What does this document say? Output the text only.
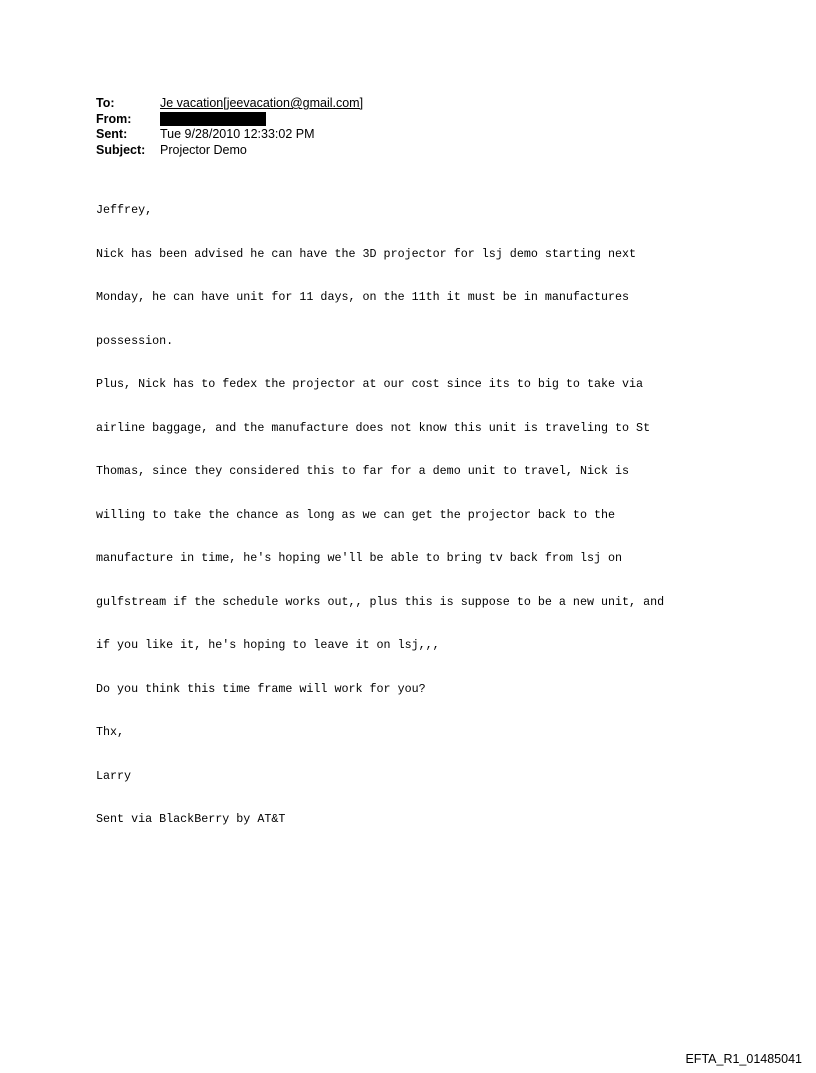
To:	Je vacation[jeevacation@gmail.com]
From:
Sent:	Tue 9/28/2010 12:33:02 PM
Subject:	Projector Demo

Jeffrey,

Nick has been advised he can have the 3D projector for lsj demo starting next

Monday, he can have unit for 11 days, on the 11th it must be in manufactures

possession.

Plus, Nick has to fedex the projector at our cost since its to big to take via

airline baggage, and the manufacture does not know this unit is traveling to St

Thomas, since they considered this to far for a demo unit to travel, Nick is

willing to take the chance as long as we can get the projector back to the

manufacture in time, he's hoping we'll be able to bring tv back from lsj on

gulfstream if the schedule works out,, plus this is suppose to be a new unit, and

if you like it, he's hoping to leave it on lsj,,,

Do you think this time frame will work for you?

Thx,

Larry

Sent via BlackBerry by AT&T

EFTA_R1_01485041
